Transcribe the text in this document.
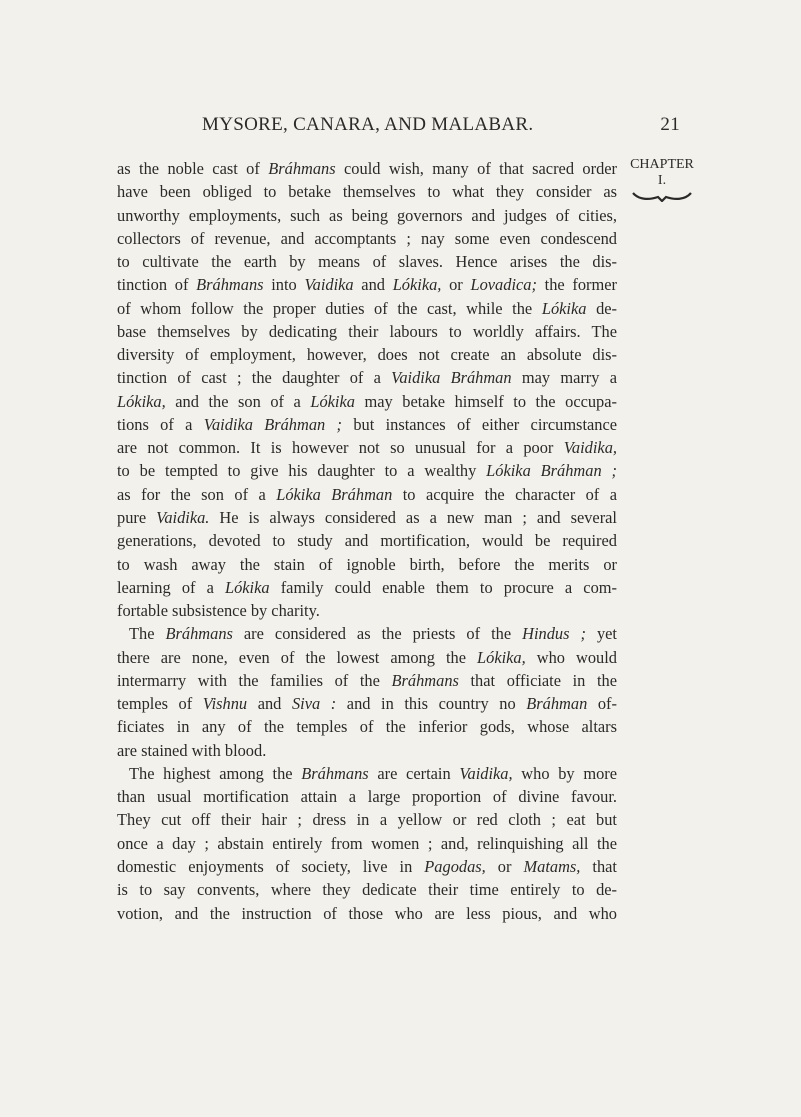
MYSORE, CANARA, AND MALABAR.	21
CHAPTER
I.
as the noble cast of Bráhmans could wish, many of that sacred order
have been obliged to betake themselves to what they consider as
unworthy employments, such as being governors and judges of cities,
collectors of revenue, and accomptants ; nay some even condescend
to cultivate the earth by means of slaves. Hence arises the dis-
tinction of Bráhmans into Vaidika and Lókika, or Lovadica; the former
of whom follow the proper duties of the cast, while the Lókika de-
base themselves by dedicating their labours to worldly affairs. The
diversity of employment, however, does not create an absolute dis-
tinction of cast ; the daughter of a Vaidika Bráhman may marry a
Lókika, and the son of a Lókika may betake himself to the occupa-
tions of a Vaidika Bráhman ; but instances of either circumstance
are not common. It is however not so unusual for a poor Vaidika,
to be tempted to give his daughter to a wealthy Lókika Bráhman ;
as for the son of a Lókika Bráhman to acquire the character of a
pure Vaidika. He is always considered as a new man ; and several
generations, devoted to study and mortification, would be required
to wash away the stain of ignoble birth, before the merits or
learning of a Lókika family could enable them to procure a com-
fortable subsistence by charity.
The Bráhmans are considered as the priests of the Hindus ; yet
there are none, even of the lowest among the Lókika, who would
intermarry with the families of the Bráhmans that officiate in the
temples of Vishnu and Siva : and in this country no Bráhman of-
ficiates in any of the temples of the inferior gods, whose altars
are stained with blood.
The highest among the Bráhmans are certain Vaidika, who by more
than usual mortification attain a large proportion of divine favour.
They cut off their hair ; dress in a yellow or red cloth ; eat but
once a day ; abstain entirely from women ; and, relinquishing all the
domestic enjoyments of society, live in Pagodas, or Matams, that
is to say convents, where they dedicate their time entirely to de-
votion, and the instruction of those who are less pious, and who
